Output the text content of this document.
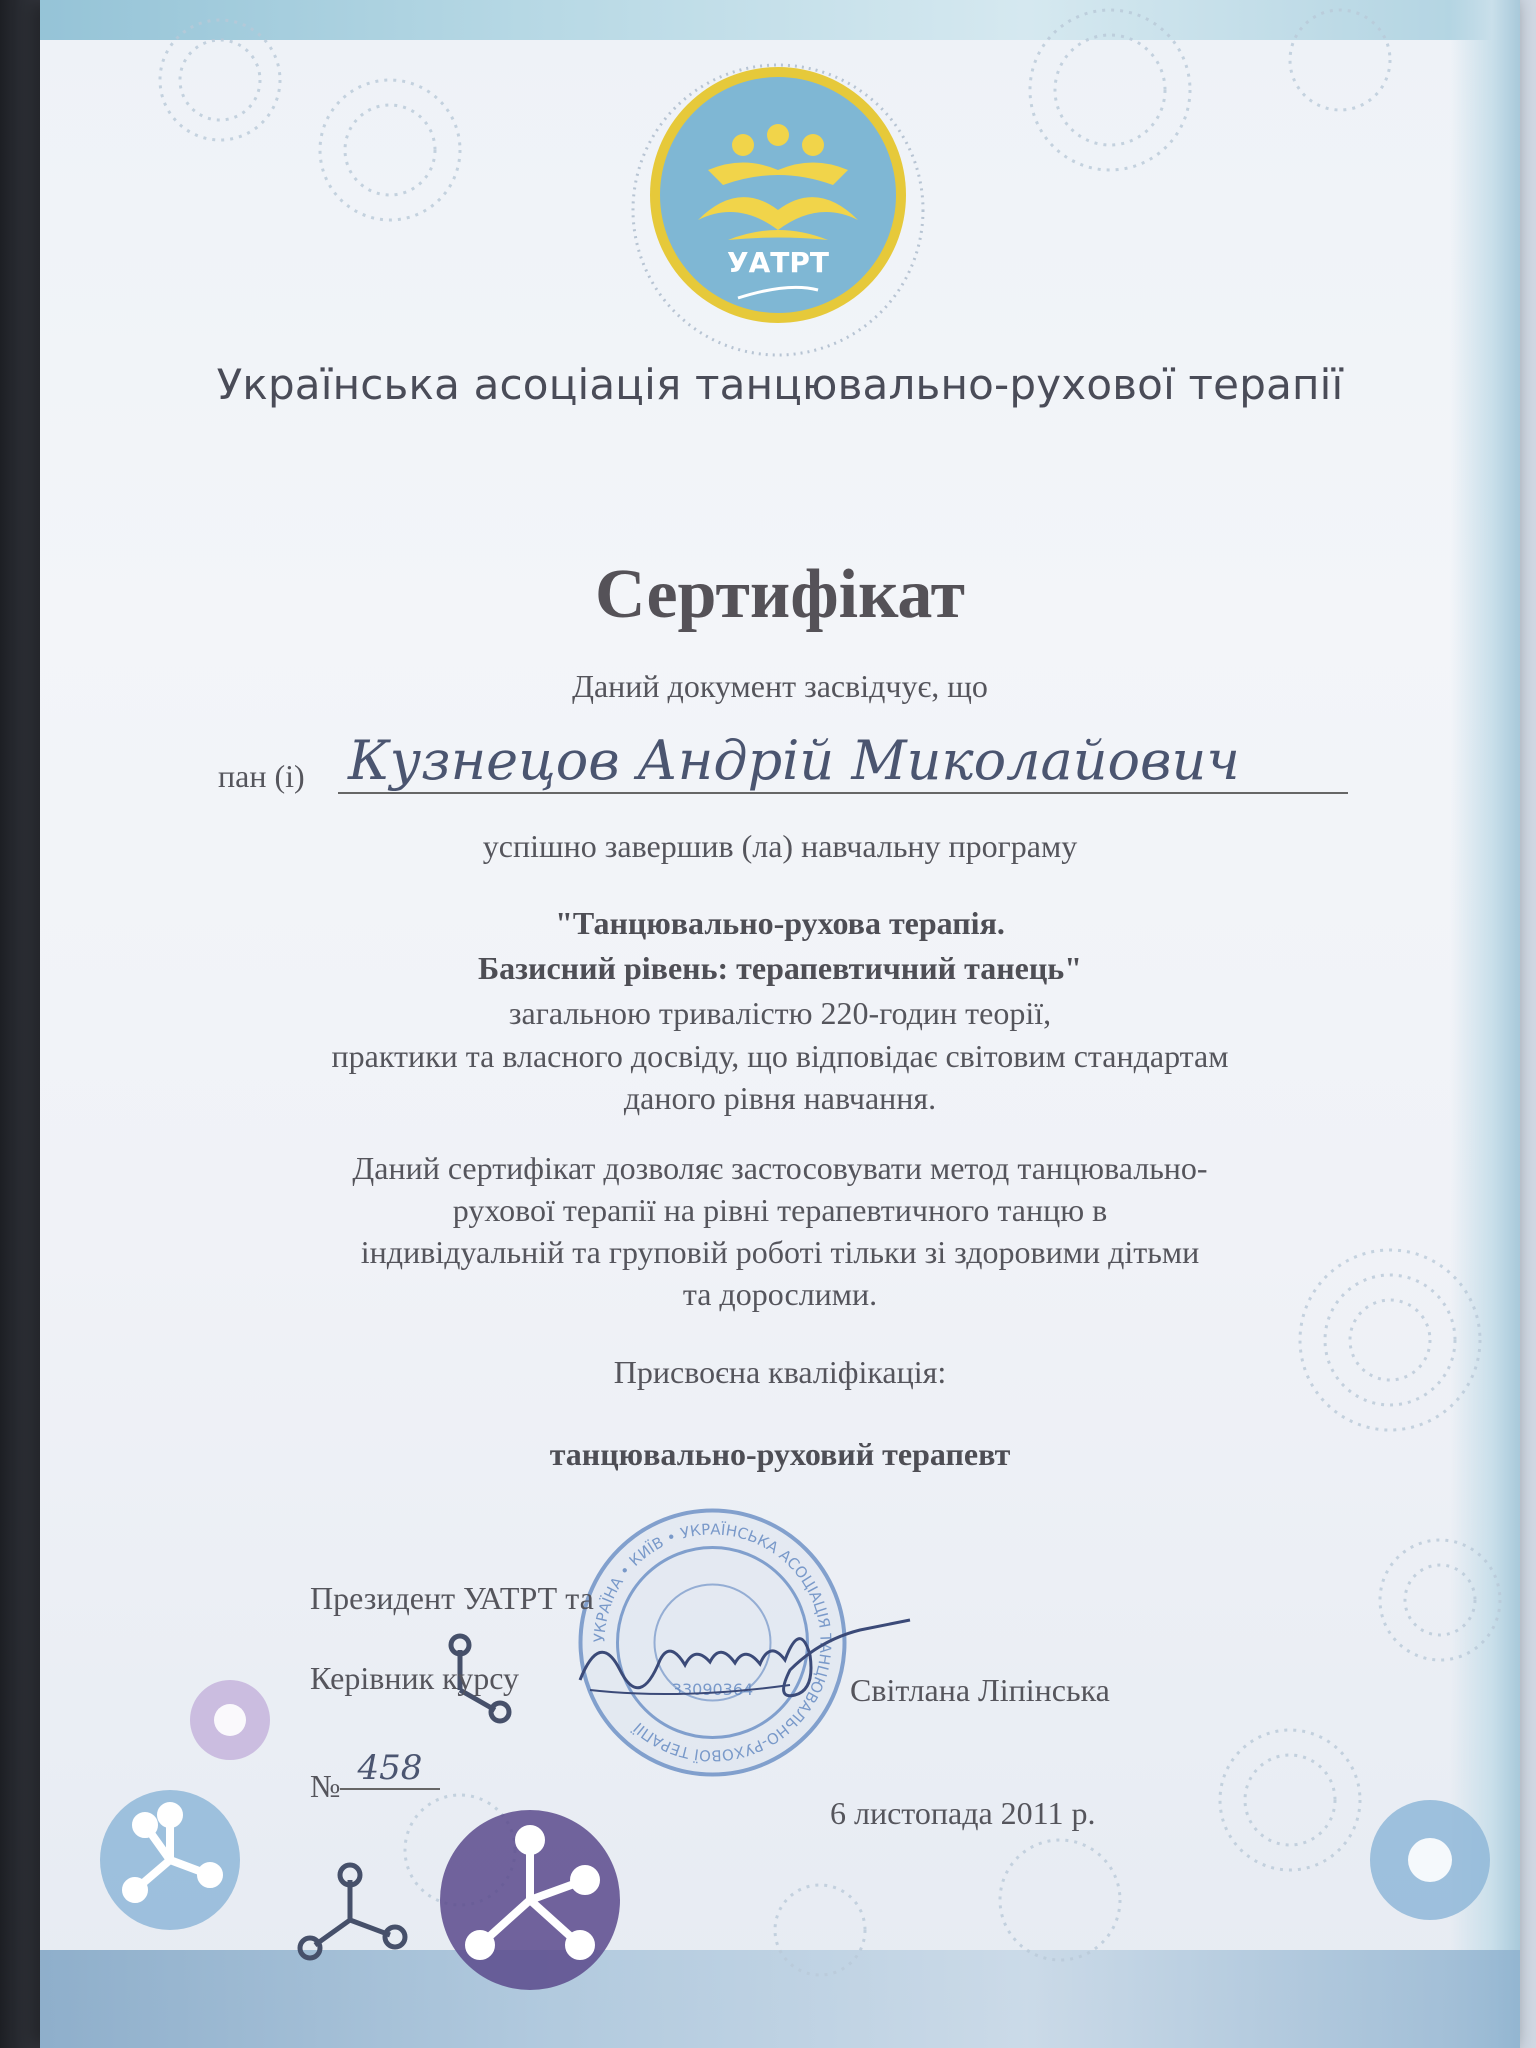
УАТРТ
Українська асоціація танцювально-рухової терапії
Сертифікат
Даний документ засвідчує, що
пан (і) Кузнецов Андрій Миколайович
успішно завершив (ла) навчальну програму
"Танцювально-рухова терапія.
Базисний рівень: терапевтичний танець"
загальною тривалістю 220-годин теорії,
практики та власного досвіду, що відповідає світовим стандартам
даного рівня навчання.
Даний сертифікат дозволяє застосовувати метод танцювально-
рухової терапії на рівні терапевтичного танцю в
індивідуальній та груповій роботі тільки зі здоровими дітьми
та дорослими.
Присвоєна кваліфікація:
танцювально-руховий терапевт
УКРАЇНА • КИЇВ • УКРАЇНСЬКА АСОЦІАЦІЯ ТАНЦЮВАЛЬНО-РУХОВОЇ ТЕРАПІЇ
33090364
Президент УАТРТ та
Керівник курсу	Світлана Ліпінська
№ 458
6 листопада 2011 р.
